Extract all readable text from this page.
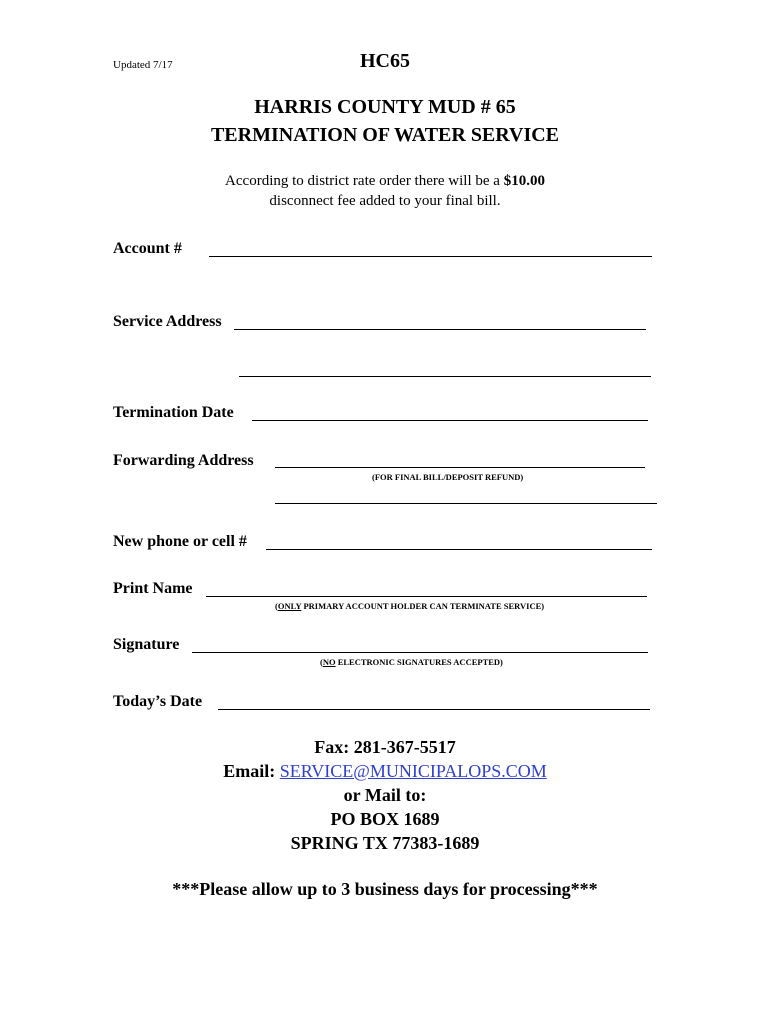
Updated 7/17	HC65
HARRIS COUNTY MUD # 65
TERMINATION OF WATER SERVICE
According to district rate order there will be a $10.00
disconnect fee added to your final bill.
Account #
Service Address
Termination Date
Forwarding Address
(FOR FINAL BILL/DEPOSIT REFUND)
New phone or cell #
Print Name
(ONLY PRIMARY ACCOUNT HOLDER CAN TERMINATE SERVICE)
Signature
(NO ELECTRONIC SIGNATURES ACCEPTED)
Today’s Date
Fax: 281-367-5517
Email: SERVICE@MUNICIPALOPS.COM
or Mail to:
PO BOX 1689
SPRING TX 77383-1689
***Please allow up to 3 business days for processing***
